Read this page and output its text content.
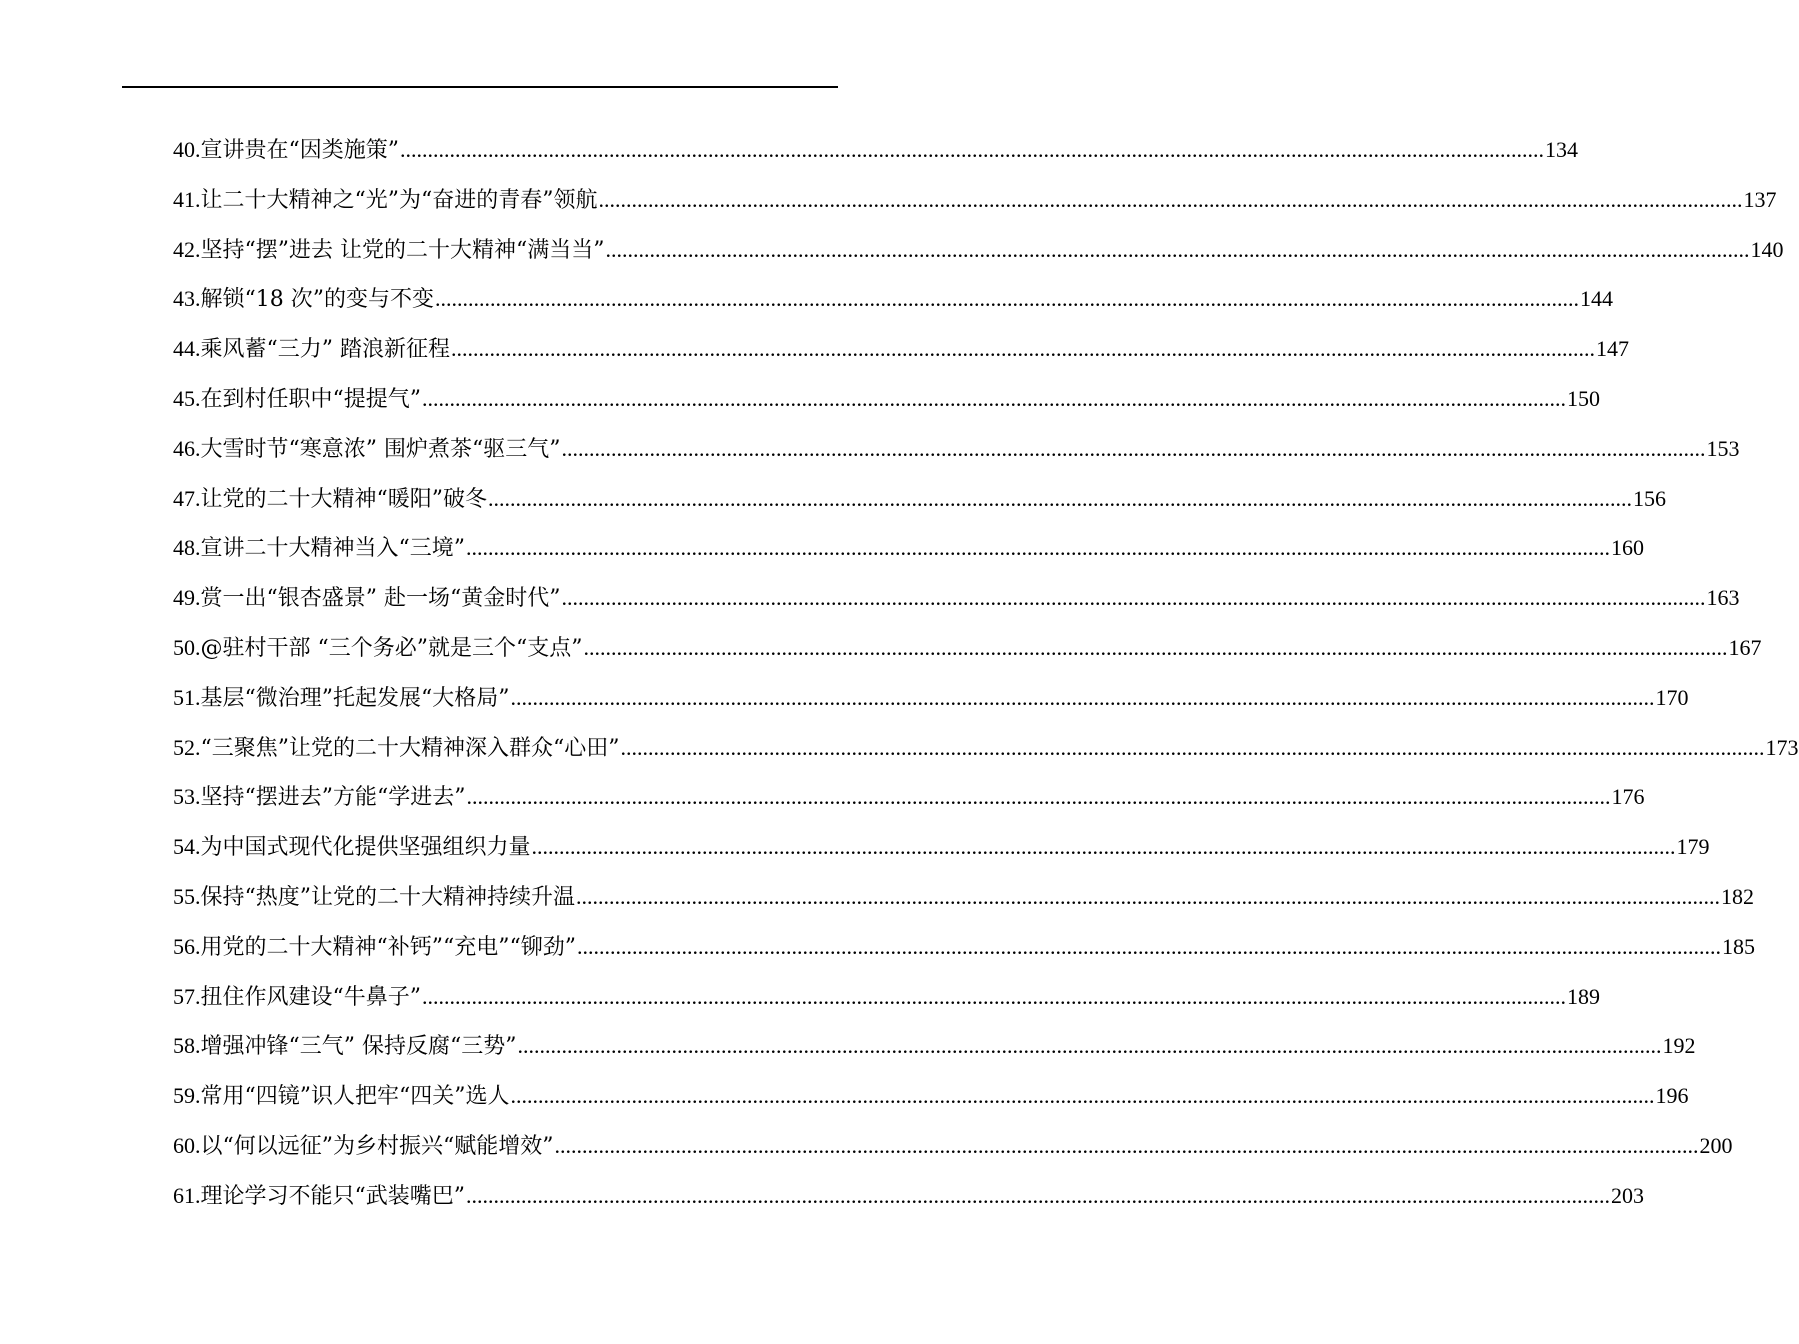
40. 宣讲贵在“因类施策” .....	134
41. 让二十大精神之“光”为“奋进的青春”领航 .....	137
42. 坚持“摆”进去 让党的二十大精神“满当当” .....	140
43. 解锁“18 次”的变与不变 .....	144
44. 乘风蓄“三力” 踏浪新征程 .....	147
45. 在到村任职中“提提气” .....	150
46. 大雪时节“寒意浓” 围炉煮茶“驱三气” .....	153
47. 让党的二十大精神“暖阳”破冬 .....	156
48. 宣讲二十大精神当入“三境” .....	160
49. 赏一出“银杏盛景” 赴一场“黄金时代” .....	163
50. @驻村干部 “三个务必”就是三个“支点” .....	167
51. 基层“微治理”托起发展“大格局” .....	170
52. “三聚焦”让党的二十大精神深入群众“心田” .....	173
53. 坚持“摆进去”方能“学进去” .....	176
54. 为中国式现代化提供坚强组织力量 .....	179
55. 保持“热度”让党的二十大精神持续升温 .....	182
56. 用党的二十大精神“补钙”“充电”“铆劲” .....	185
57. 扭住作风建设“牛鼻子” .....	189
58. 增强冲锋“三气” 保持反腐“三势” .....	192
59. 常用“四镜”识人把牢“四关”选人 .....	196
60. 以“何以远征”为乡村振兴“赋能增效” .....	200
61. 理论学习不能只“武装嘴巴” .....	203
